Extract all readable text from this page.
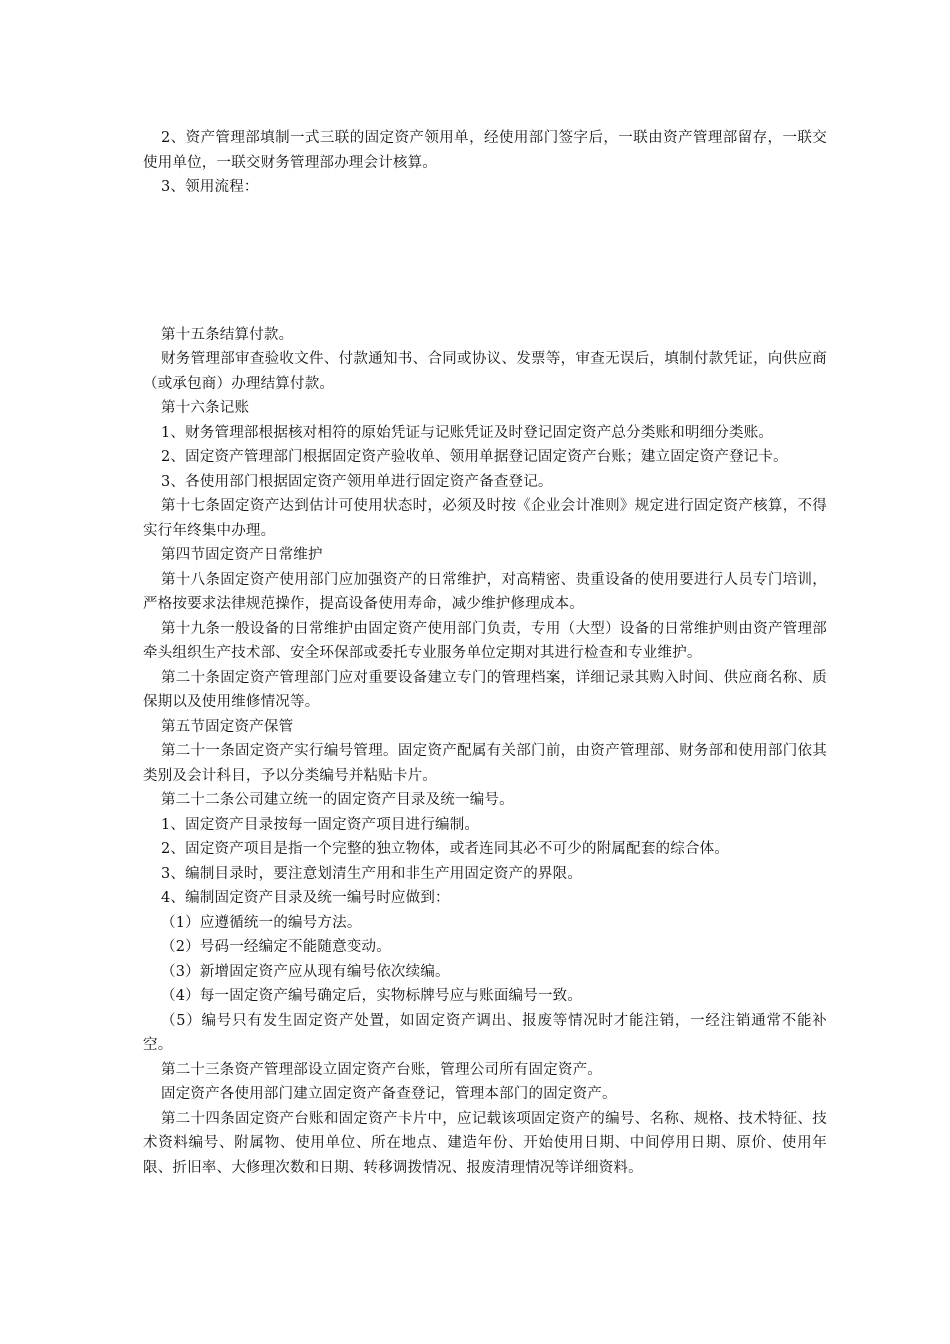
2、资产管理部填制一式三联的固定资产领用单，经使用部门签字后，一联由资产管理部留存，一联交使用单位，一联交财务管理部办理会计核算。

3、领用流程：

第十五条结算付款。

财务管理部审查验收文件、付款通知书、合同或协议、发票等，审查无误后，填制付款凭证，向供应商（或承包商）办理结算付款。

第十六条记账

1、财务管理部根据核对相符的原始凭证与记账凭证及时登记固定资产总分类账和明细分类账。

2、固定资产管理部门根据固定资产验收单、领用单据登记固定资产台账；建立固定资产登记卡。

3、各使用部门根据固定资产领用单进行固定资产备查登记。

第十七条固定资产达到估计可使用状态时，必须及时按《企业会计准则》规定进行固定资产核算，不得实行年终集中办理。

第四节固定资产日常维护

第十八条固定资产使用部门应加强资产的日常维护，对高精密、贵重设备的使用要进行人员专门培训，严格按要求法律规范操作，提高设备使用寿命，减少维护修理成本。

第十九条一般设备的日常维护由固定资产使用部门负责，专用（大型）设备的日常维护则由资产管理部牵头组织生产技术部、安全环保部或委托专业服务单位定期对其进行检查和专业维护。

第二十条固定资产管理部门应对重要设备建立专门的管理档案，详细记录其购入时间、供应商名称、质保期以及使用维修情况等。

第五节固定资产保管

第二十一条固定资产实行编号管理。固定资产配属有关部门前，由资产管理部、财务部和使用部门依其类别及会计科目，予以分类编号并粘贴卡片。

第二十二条公司建立统一的固定资产目录及统一编号。

1、固定资产目录按每一固定资产项目进行编制。

2、固定资产项目是指一个完整的独立物体，或者连同其必不可少的附属配套的综合体。

3、编制目录时，要注意划清生产用和非生产用固定资产的界限。

4、编制固定资产目录及统一编号时应做到：

（1）应遵循统一的编号方法。

（2）号码一经编定不能随意变动。

（3）新增固定资产应从现有编号依次续编。

（4）每一固定资产编号确定后，实物标牌号应与账面编号一致。

（5）编号只有发生固定资产处置，如固定资产调出、报废等情况时才能注销，一经注销通常不能补空。

第二十三条资产管理部设立固定资产台账，管理公司所有固定资产。

固定资产各使用部门建立固定资产备查登记，管理本部门的固定资产。

第二十四条固定资产台账和固定资产卡片中，应记载该项固定资产的编号、名称、规格、技术特征、技术资料编号、附属物、使用单位、所在地点、建造年份、开始使用日期、中间停用日期、原价、使用年限、折旧率、大修理次数和日期、转移调拨情况、报废清理情况等详细资料。
